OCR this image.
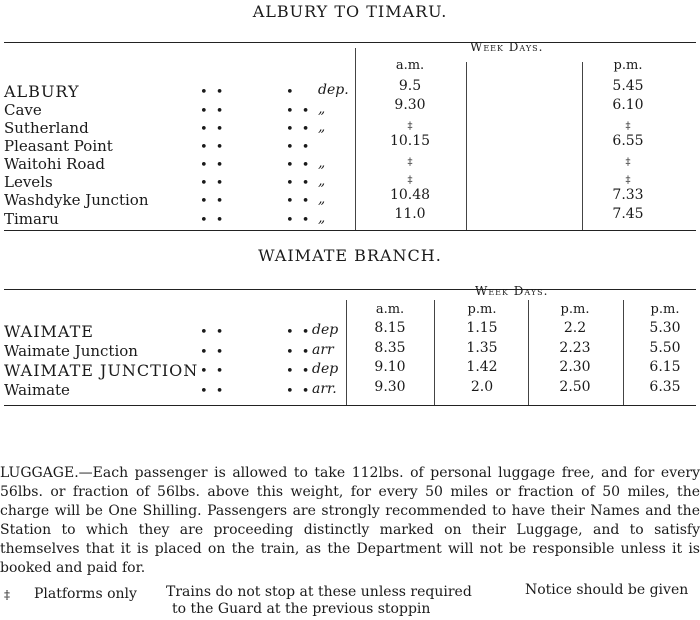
ALBURY TO TIMARU.
Week Days.
a.m.	p.m.
ALBURY	• •	• dep.	9.5	5.45
Cave	• •	• • „	9.30	6.10
Sutherland	• •	• • „	‡	‡
Pleasant Point	• •	• •	10.15	6.55
Waitohi Road	• •	• • „	‡	‡
Levels	• •	• • „	‡	‡
Washdyke Junction	• •	• • „	10.48	7.33
Timaru	• •	• • „	11.0	7.45
WAIMATE BRANCH.
Week Days.
a.m.	p.m.	p.m.	p.m.
WAIMATE	• •	• • dep	8.15	1.15	2.2	5.30
Waimate Junction	• •	• • arr	8.35	1.35	2.23	5.50
WAIMATE JUNCTION • •	• • dep	9.10	1.42	2.30	6.15
Waimate	• •	• • arr.	9.30	2.0	2.50	6.35
LUGGAGE.—Each passenger is allowed to take 112lbs. of personal luggage free, and for every 56lbs. or fraction of 56lbs. above this weight, for every 50 miles or fraction of 50 miles, the charge will be One Shilling. Passengers are strongly recommended to have their Names and the Station to which they are proceeding distinctly marked on their Luggage, and to satisfy themselves that it is placed on the train, as the Department will not be responsible unless it is booked and paid for.
‡ Platforms only Trains do not stop at these unless required
to the Guard at the previous stoppin
Notice should be given
